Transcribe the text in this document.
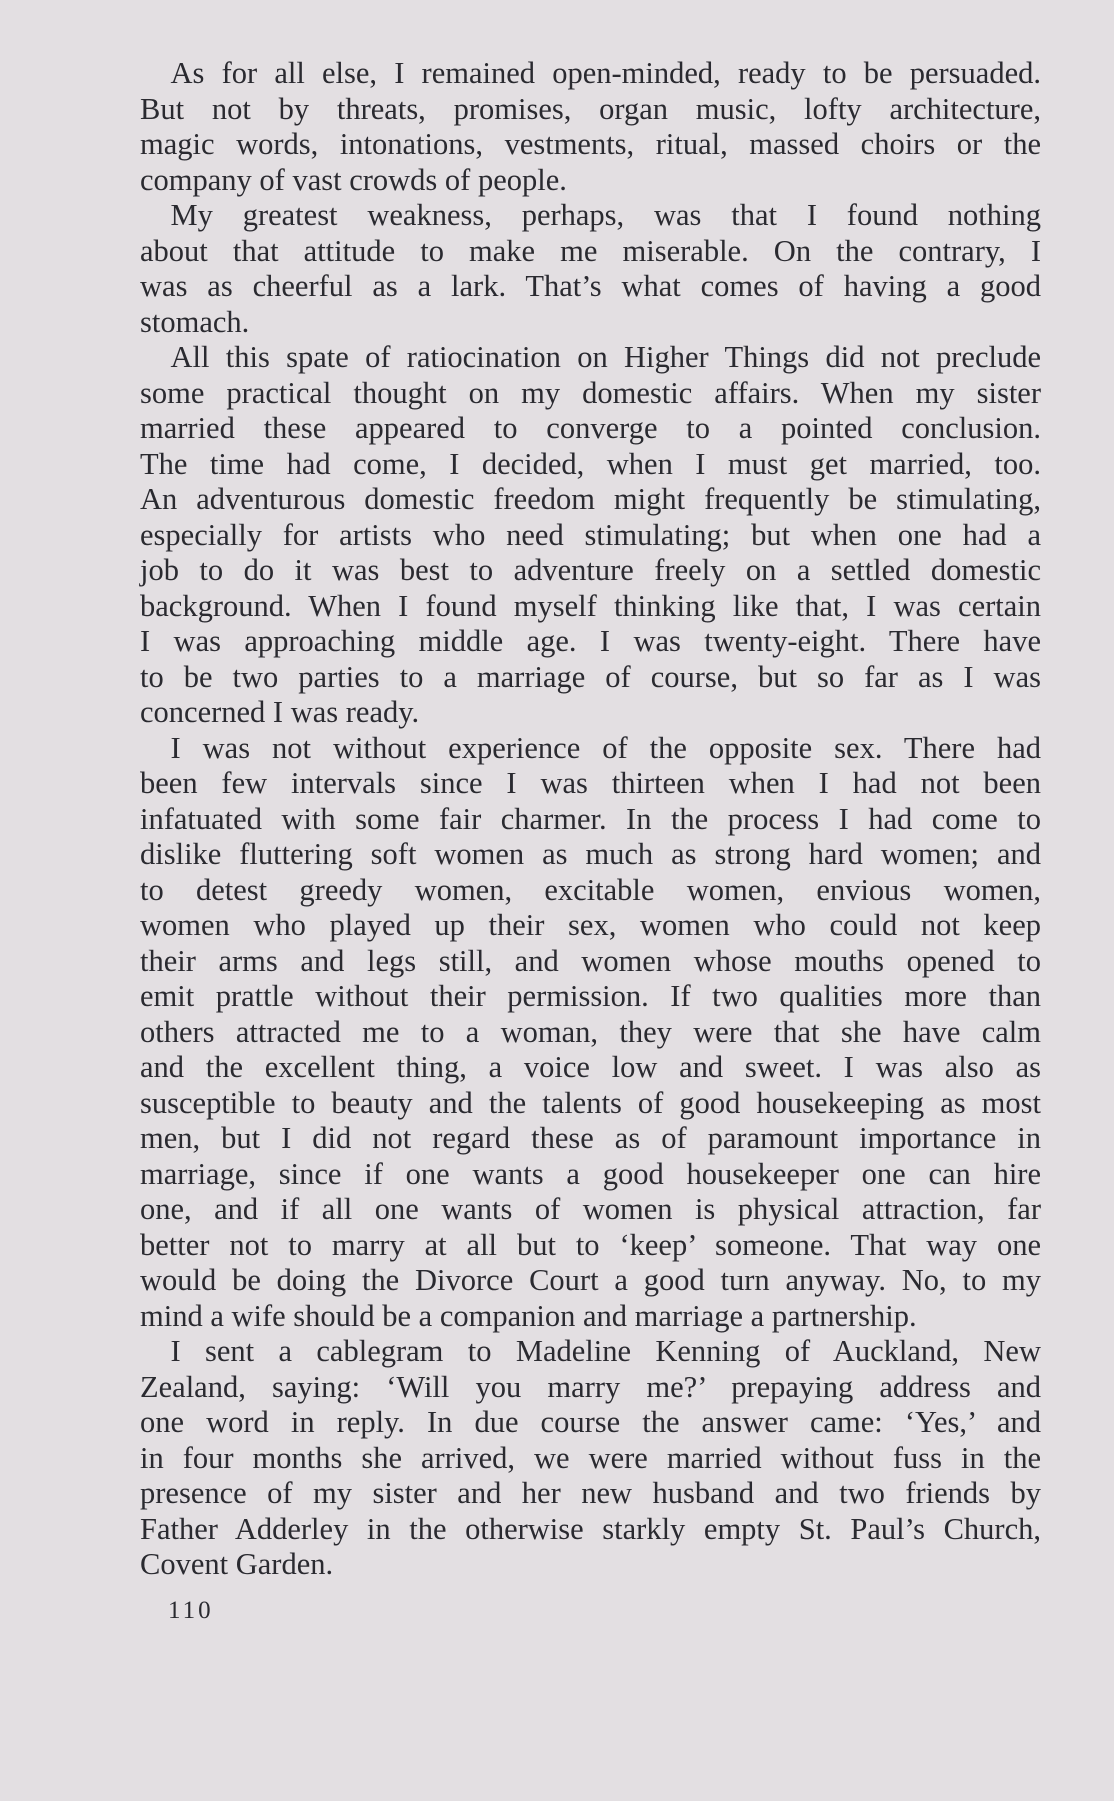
 As for all else, I remained open-minded, ready to be persuaded.
But not by threats, promises, organ music, lofty architecture,
magic words, intonations, vestments, ritual, massed choirs or the
company of vast crowds of people.
 My greatest weakness, perhaps, was that I found nothing
about that attitude to make me miserable. On the contrary, I
was as cheerful as a lark. That’s what comes of having a good
stomach.
 All this spate of ratiocination on Higher Things did not preclude
some practical thought on my domestic affairs. When my sister
married these appeared to converge to a pointed conclusion.
The time had come, I decided, when I must get married, too.
An adventurous domestic freedom might frequently be stimulating,
especially for artists who need stimulating; but when one had a
job to do it was best to adventure freely on a settled domestic
background. When I found myself thinking like that, I was certain
I was approaching middle age. I was twenty-eight. There have
to be two parties to a marriage of course, but so far as I was
concerned I was ready.
 I was not without experience of the opposite sex. There had
been few intervals since I was thirteen when I had not been
infatuated with some fair charmer. In the process I had come to
dislike fluttering soft women as much as strong hard women; and
to detest greedy women, excitable women, envious women,
women who played up their sex, women who could not keep
their arms and legs still, and women whose mouths opened to
emit prattle without their permission. If two qualities more than
others attracted me to a woman, they were that she have calm
and the excellent thing, a voice low and sweet. I was also as
susceptible to beauty and the talents of good housekeeping as most
men, but I did not regard these as of paramount importance in
marriage, since if one wants a good housekeeper one can hire
one, and if all one wants of women is physical attraction, far
better not to marry at all but to ‘keep’ someone. That way one
would be doing the Divorce Court a good turn anyway. No, to my
mind a wife should be a companion and marriage a partnership.
 I sent a cablegram to Madeline Kenning of Auckland, New
Zealand, saying: ‘Will you marry me?’ prepaying address and
one word in reply. In due course the answer came: ‘Yes,’ and
in four months she arrived, we were married without fuss in the
presence of my sister and her new husband and two friends by
Father Adderley in the otherwise starkly empty St. Paul’s Church,
Covent Garden.
110
